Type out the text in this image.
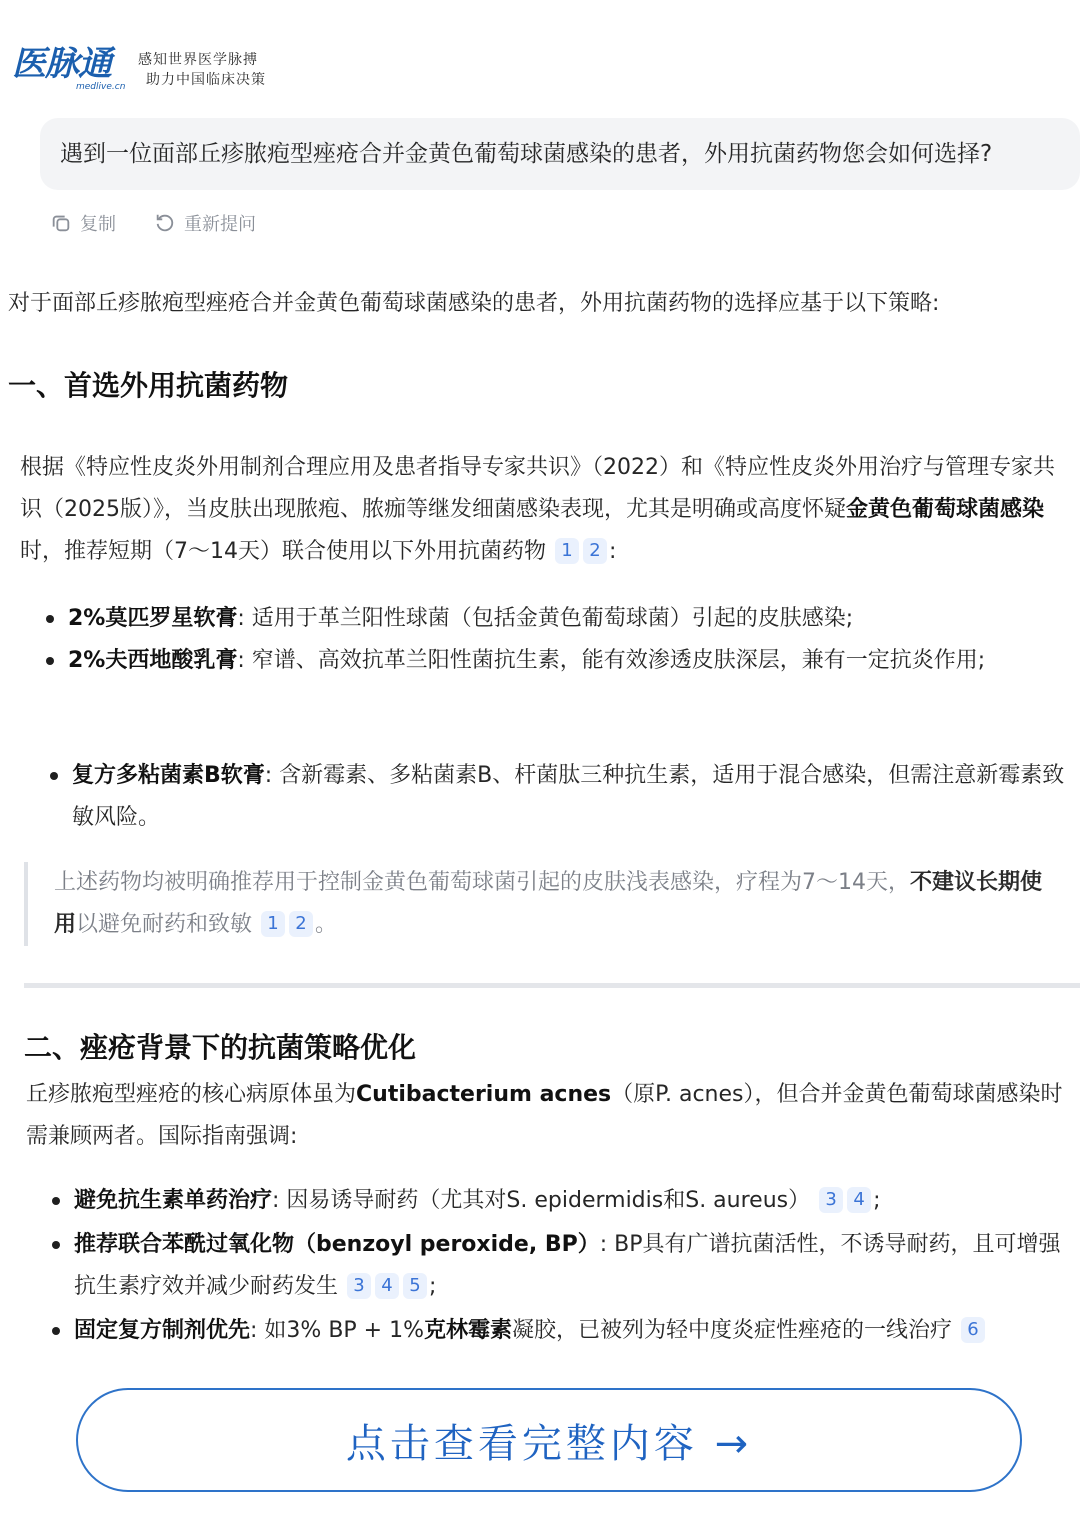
医脉通
medlive.cn
感知世界医学脉搏
助力中国临床决策
遇到一位面部丘疹脓疱型痤疮合并金黄色葡萄球菌感染的患者，外用抗菌药物您会如何选择?
复制	重新提问
对于面部丘疹脓疱型痤疮合并金黄色葡萄球菌感染的患者，外用抗菌药物的选择应基于以下策略:
一、首选外用抗菌药物
根据《特应性皮炎外用制剂合理应用及患者指导专家共识》（2022）和《特应性皮炎外用治疗与管理专家共识（2025版）》，当皮肤出现脓疱、脓痂等继发细菌感染表现，尤其是明确或高度怀疑金黄色葡萄球菌感染时，推荐短期（7～14天）联合使用以下外用抗菌药物 1 2 :
2%莫匹罗星软膏: 适用于革兰阳性球菌（包括金黄色葡萄球菌）引起的皮肤感染;
2%夫西地酸乳膏: 窄谱、高效抗革兰阳性菌抗生素，能有效渗透皮肤深层，兼有一定抗炎作用;
复方多粘菌素B软膏: 含新霉素、多粘菌素B、杆菌肽三种抗生素，适用于混合感染，但需注意新霉素致敏风险。
上述药物均被明确推荐用于控制金黄色葡萄球菌引起的皮肤浅表感染，疗程为7～14天，不建议长期使用以避免耐药和致敏 1 2 。
二、痤疮背景下的抗菌策略优化
丘疹脓疱型痤疮的核心病原体虽为Cutibacterium acnes（原P. acnes），但合并金黄色葡萄球菌感染时需兼顾两者。国际指南强调:
避免抗生素单药治疗: 因易诱导耐药（尤其对S. epidermidis和S. aureus） 3 4 ;
推荐联合苯酰过氧化物（benzoyl peroxide, BP）: BP具有广谱抗菌活性，不诱导耐药，且可增强抗生素疗效并减少耐药发生 3 4 5 ;
固定复方制剂优先: 如3% BP + 1%克林霉素凝胶，已被列为轻中度炎症性痤疮的一线治疗 6
点击查看完整内容 →
